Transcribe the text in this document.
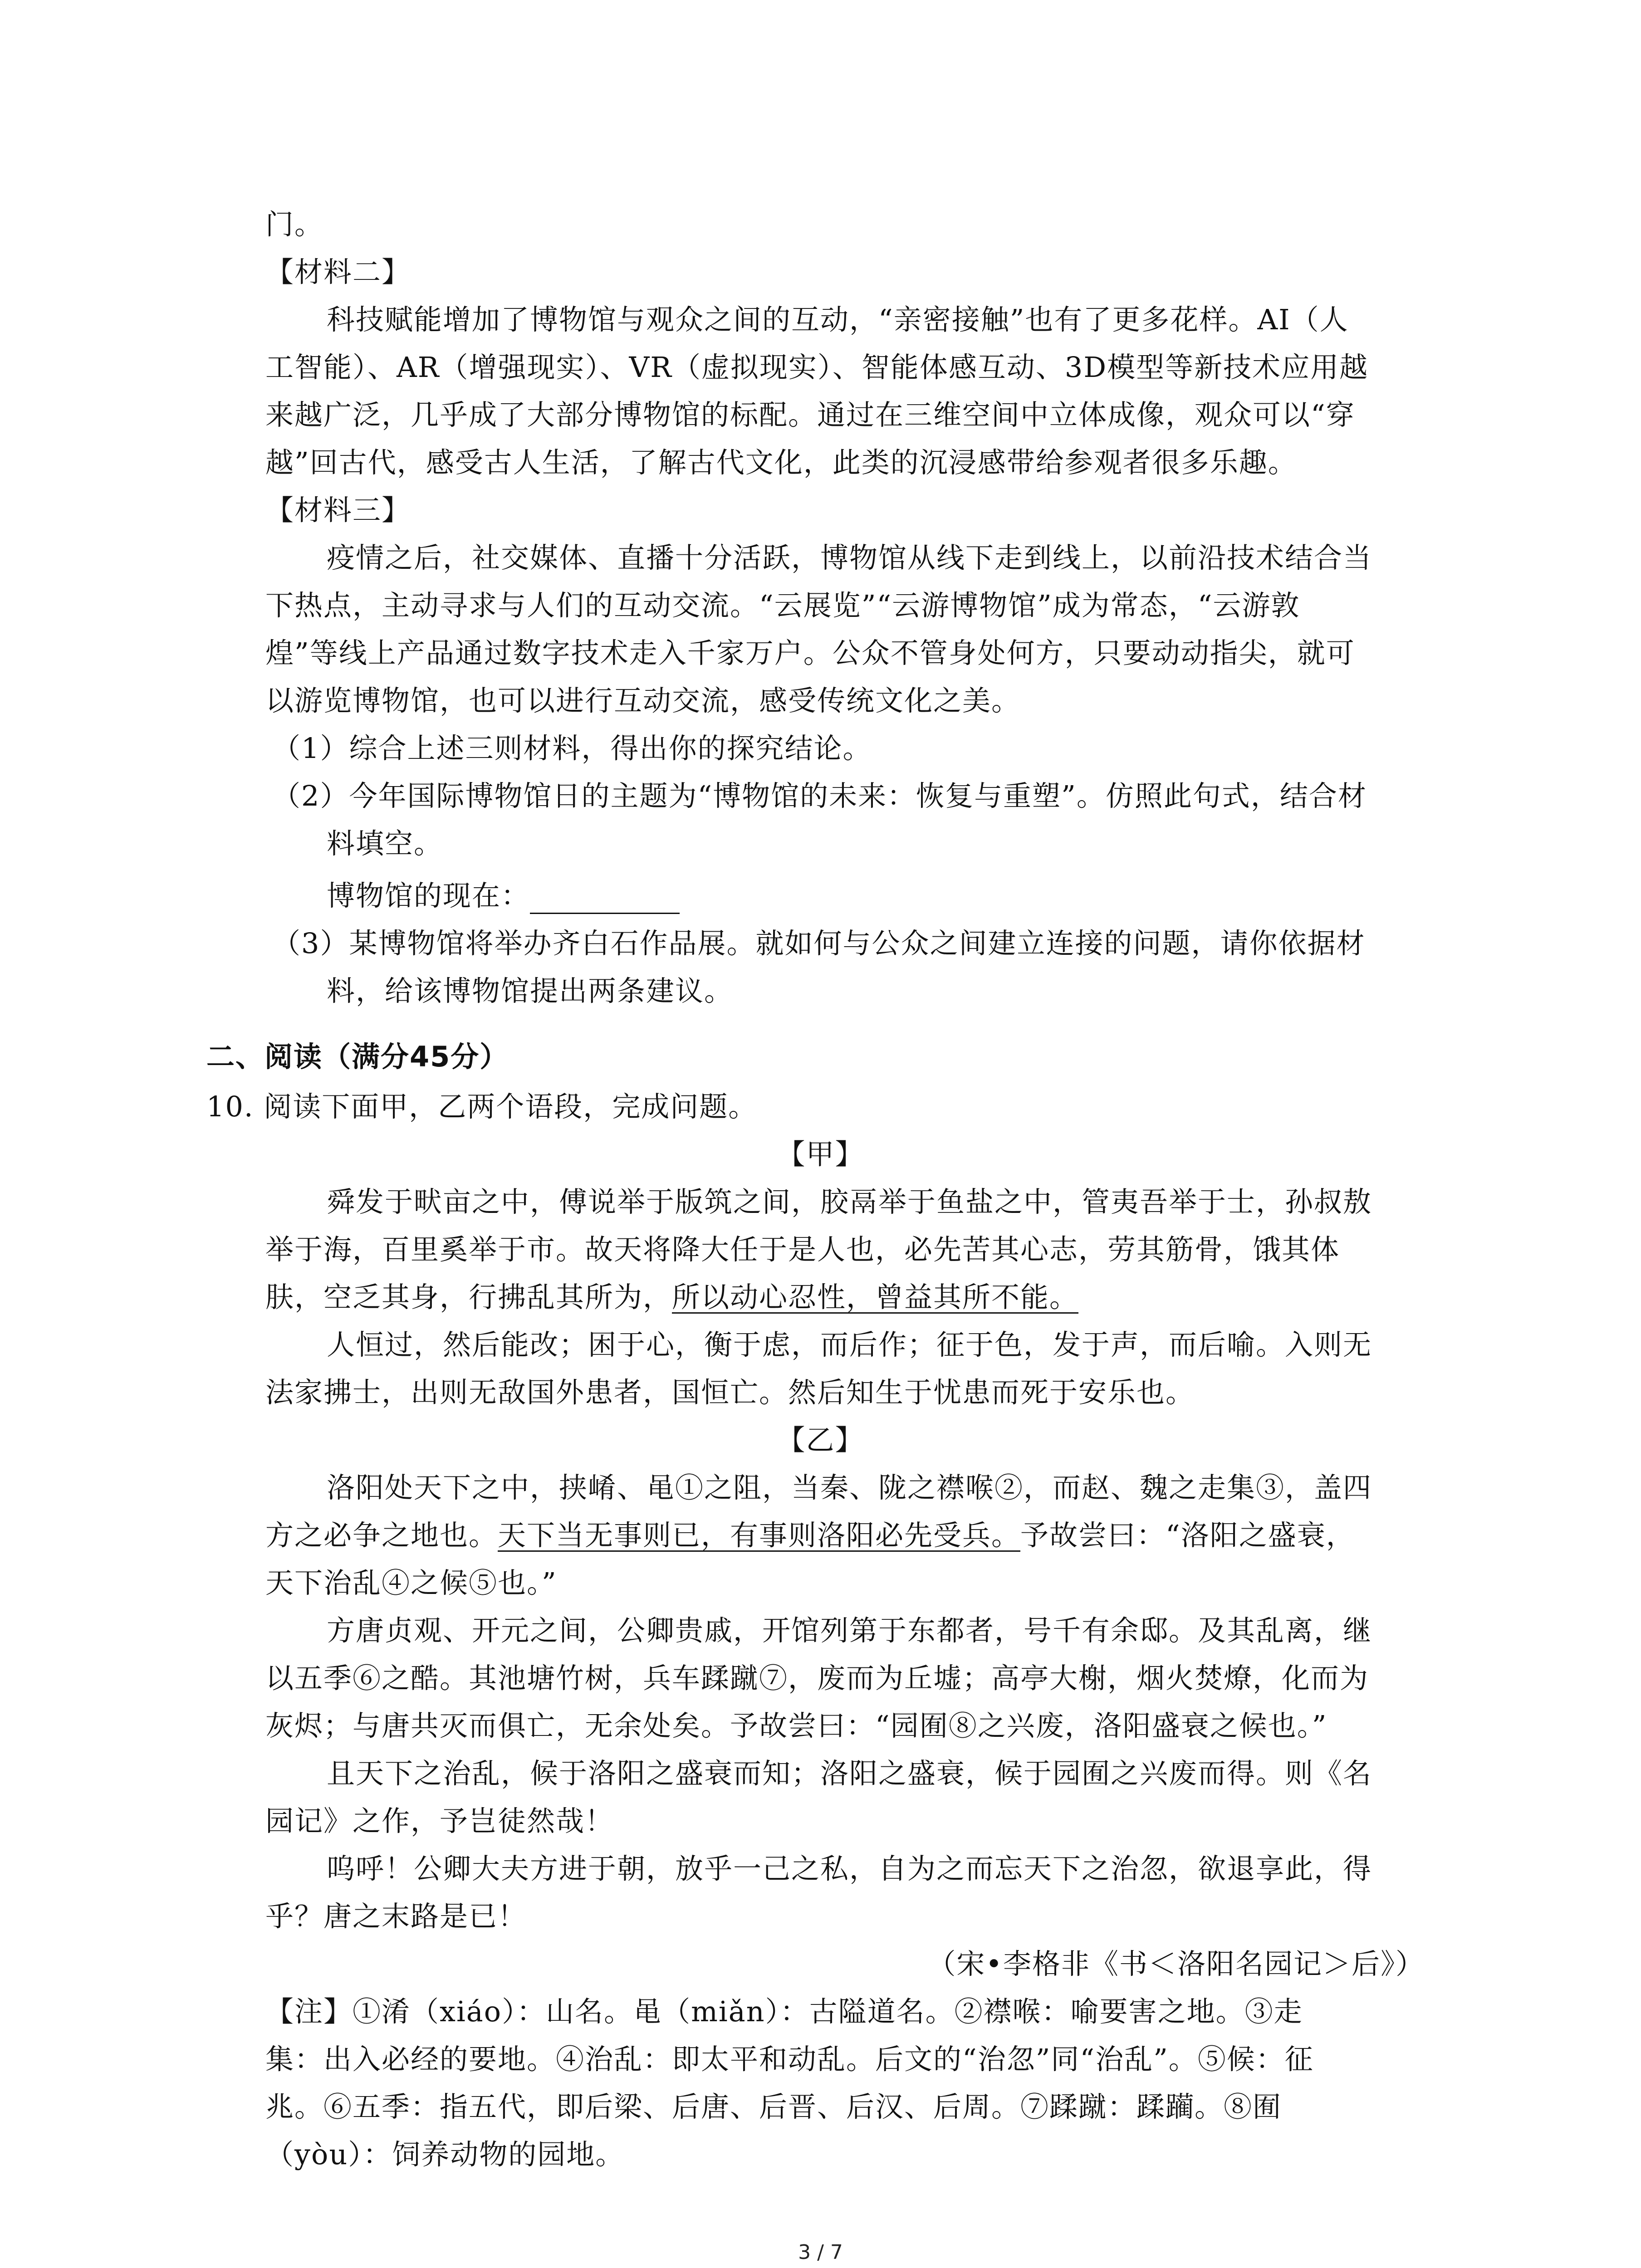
门。
【材料二】
科技赋能增加了博物馆与观众之间的互动，“亲密接触”也有了更多花样。AI（人
工智能）、AR（增强现实）、VR（虚拟现实）、智能体感互动、3D模型等新技术应用越
来越广泛，几乎成了大部分博物馆的标配。通过在三维空间中立体成像，观众可以“穿
越”回古代，感受古人生活，了解古代文化，此类的沉浸感带给参观者很多乐趣。
【材料三】
疫情之后，社交媒体、直播十分活跃，博物馆从线下走到线上，以前沿技术结合当
下热点，主动寻求与人们的互动交流。“云展览”“云游博物馆”成为常态，“云游敦
煌”等线上产品通过数字技术走入千家万户。公众不管身处何方，只要动动指尖，就可
以游览博物馆，也可以进行互动交流，感受传统文化之美。
（1）综合上述三则材料，得出你的探究结论。
（2）今年国际博物馆日的主题为“博物馆的未来：恢复与重塑”。仿照此句式，结合材
料填空。
博物馆的现在：
（3）某博物馆将举办齐白石作品展。就如何与公众之间建立连接的问题，请你依据材
料，给该博物馆提出两条建议。
二、阅读（满分45分）
10. 阅读下面甲，乙两个语段，完成问题。
【甲】
舜发于畎亩之中，傅说举于版筑之间，胶鬲举于鱼盐之中，管夷吾举于士，孙叔敖
举于海，百里奚举于市。故天将降大任于是人也，必先苦其心志，劳其筋骨，饿其体
肤，空乏其身，行拂乱其所为，所以动心忍性，曾益其所不能。
人恒过，然后能改；困于心，衡于虑，而后作；征于色，发于声，而后喻。入则无
法家拂士，出则无敌国外患者，国恒亡。然后知生于忧患而死于安乐也。
【乙】
洛阳处天下之中，挟崤、黾①之阻，当秦、陇之襟喉②，而赵、魏之走集③，盖四
方之必争之地也。天下当无事则已，有事则洛阳必先受兵。予故尝曰：“洛阳之盛衰，
天下治乱④之候⑤也。”
方唐贞观、开元之间，公卿贵戚，开馆列第于东都者，号千有余邸。及其乱离，继
以五季⑥之酷。其池塘竹树，兵车蹂蹴⑦，废而为丘墟；高亭大榭，烟火焚燎，化而为
灰烬；与唐共灭而俱亡，无余处矣。予故尝曰：“园囿⑧之兴废，洛阳盛衰之候也。”
且天下之治乱，候于洛阳之盛衰而知；洛阳之盛衰，候于园囿之兴废而得。则《名
园记》之作，予岂徒然哉！
呜呼！公卿大夫方进于朝，放乎一己之私，自为之而忘天下之治忽，欲退享此，得
乎？唐之末路是已！
（宋•李格非《书＜洛阳名园记＞后》）
【注】①淆（xiáo）：山名。黾（miǎn）：古隘道名。②襟喉：喻要害之地。③走
集：出入必经的要地。④治乱：即太平和动乱。后文的“治忽”同“治乱”。⑤候：征
兆。⑥五季：指五代，即后梁、后唐、后晋、后汉、后周。⑦蹂蹴：蹂躏。⑧囿
（yòu）：饲养动物的园地。
3 / 7
